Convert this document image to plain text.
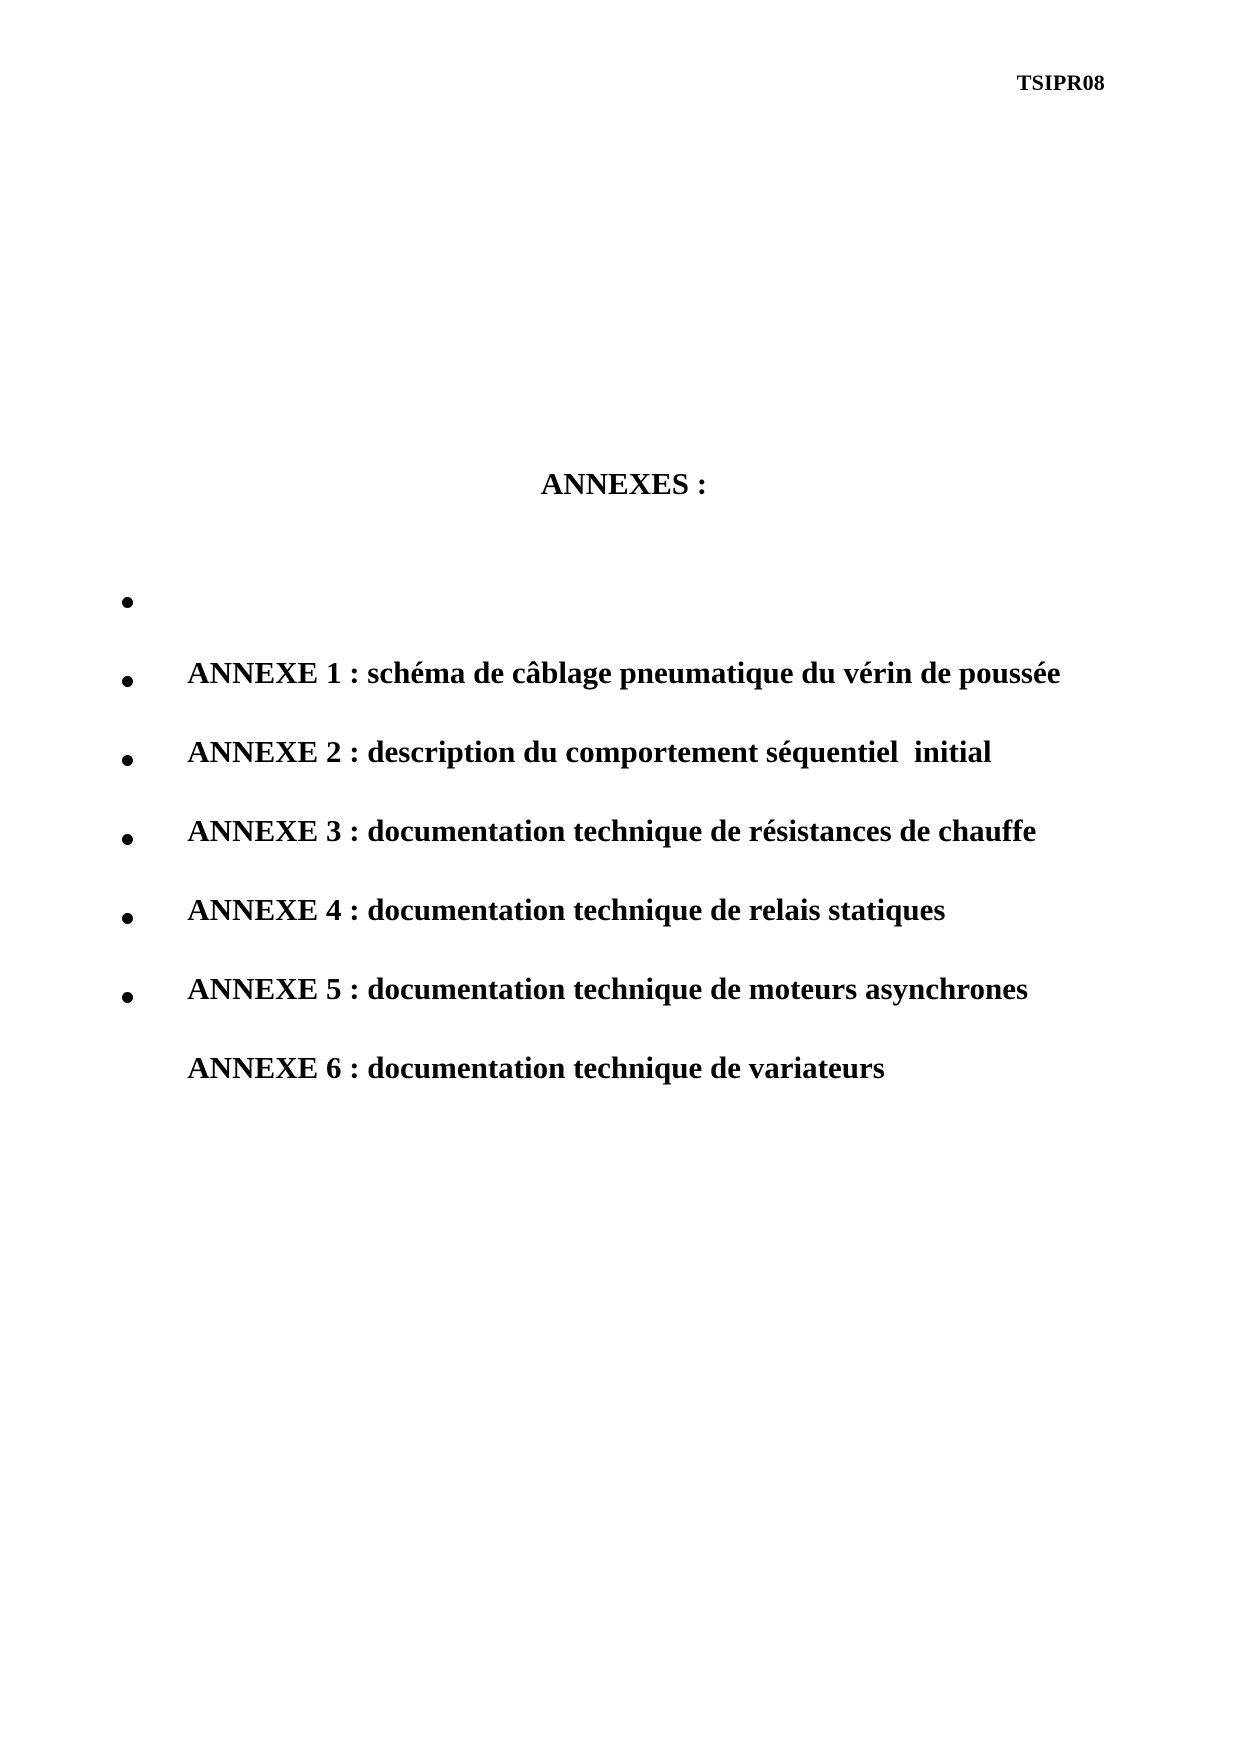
TSIPR08
ANNEXES :

ANNEXE 1 : schéma de câblage pneumatique du vérin de poussée

ANNEXE 2 : description du comportement séquentiel  initial

ANNEXE 3 : documentation technique de résistances de chauffe

ANNEXE 4 : documentation technique de relais statiques

ANNEXE 5 : documentation technique de moteurs asynchrones

ANNEXE 6 : documentation technique de variateurs
